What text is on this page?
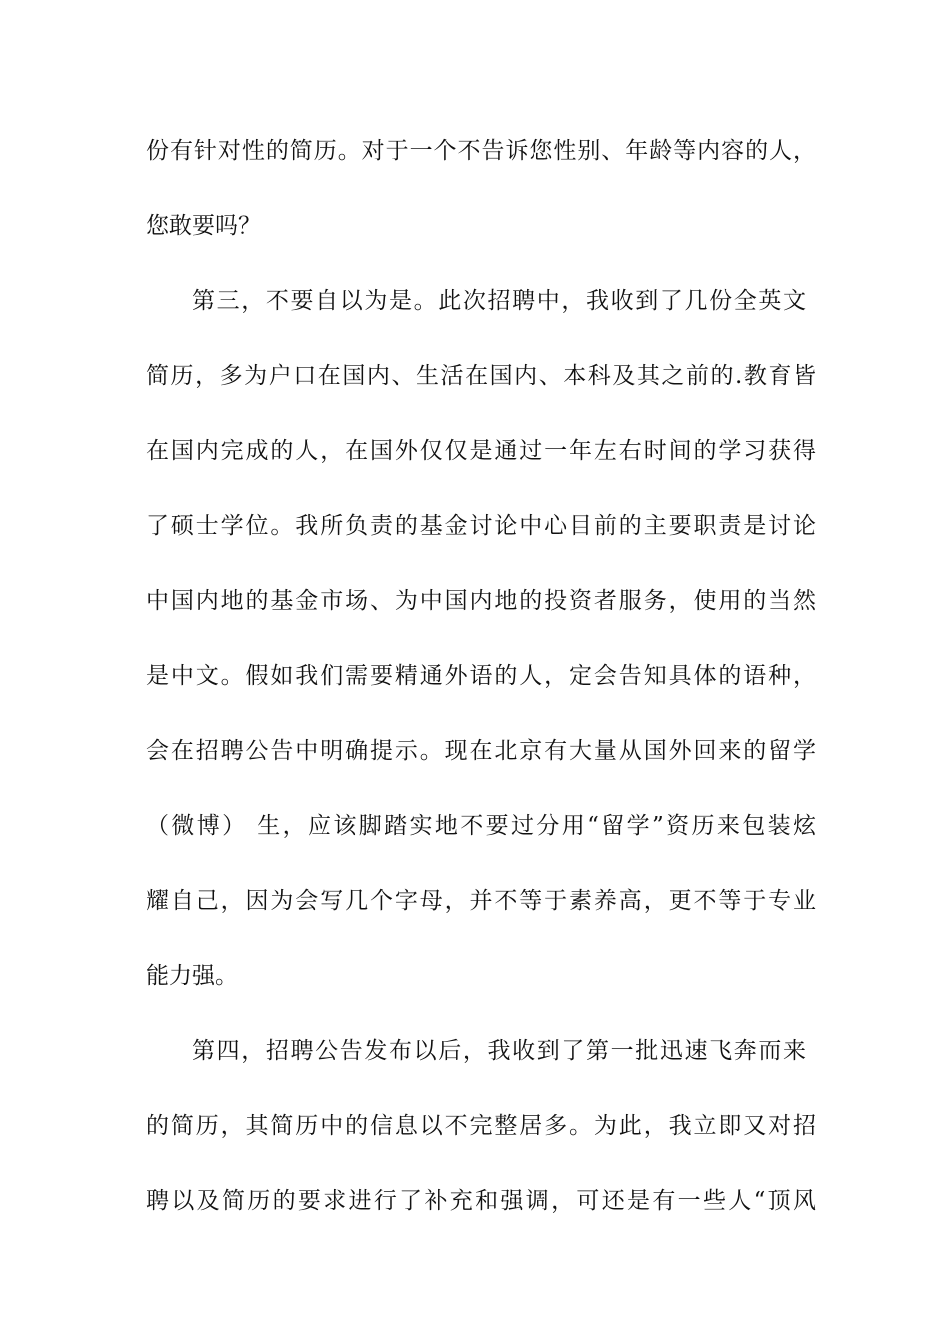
份有针对性的简历。对于一个不告诉您性别、年龄等内容的人，
您敢要吗？
第三，不要自以为是。此次招聘中，我收到了几份全英文
简历，多为户口在国内、生活在国内、本科及其之前的.教育皆
在国内完成的人，在国外仅仅是通过一年左右时间的学习获得
了硕士学位。我所负责的基金讨论中心目前的主要职责是讨论
中国内地的基金市场、为中国内地的投资者服务，使用的当然
是中文。假如我们需要精通外语的人，定会告知具体的语种，
会在招聘公告中明确提示。现在北京有大量从国外回来的留学
（微博） 生，应该脚踏实地不要过分用“留学”资历来包装炫
耀自己，因为会写几个字母，并不等于素养高，更不等于专业
能力强。
第四，招聘公告发布以后，我收到了第一批迅速飞奔而来
的简历，其简历中的信息以不完整居多。为此，我立即又对招
聘以及简历的要求进行了补充和强调，可还是有一些人“顶风
